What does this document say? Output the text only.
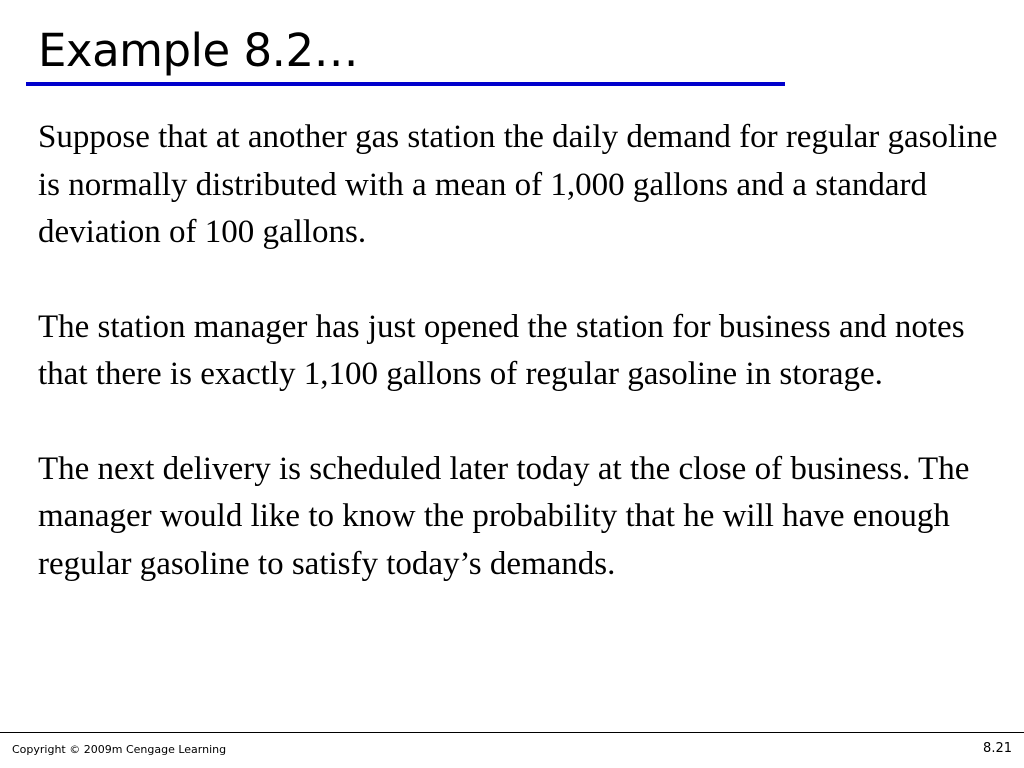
Example 8.2…

Suppose that at another gas station the daily demand for regular gasoline is normally distributed with a mean of 1,000 gallons and a standard deviation of 100 gallons.

The station manager has just opened the station for business and notes that there is exactly 1,100 gallons of regular gasoline in storage.

The next delivery is scheduled later today at the close of business. The manager would like to know the probability that he will have enough regular gasoline to satisfy today’s demands.

Copyright © 2009m Cengage Learning	8.21
